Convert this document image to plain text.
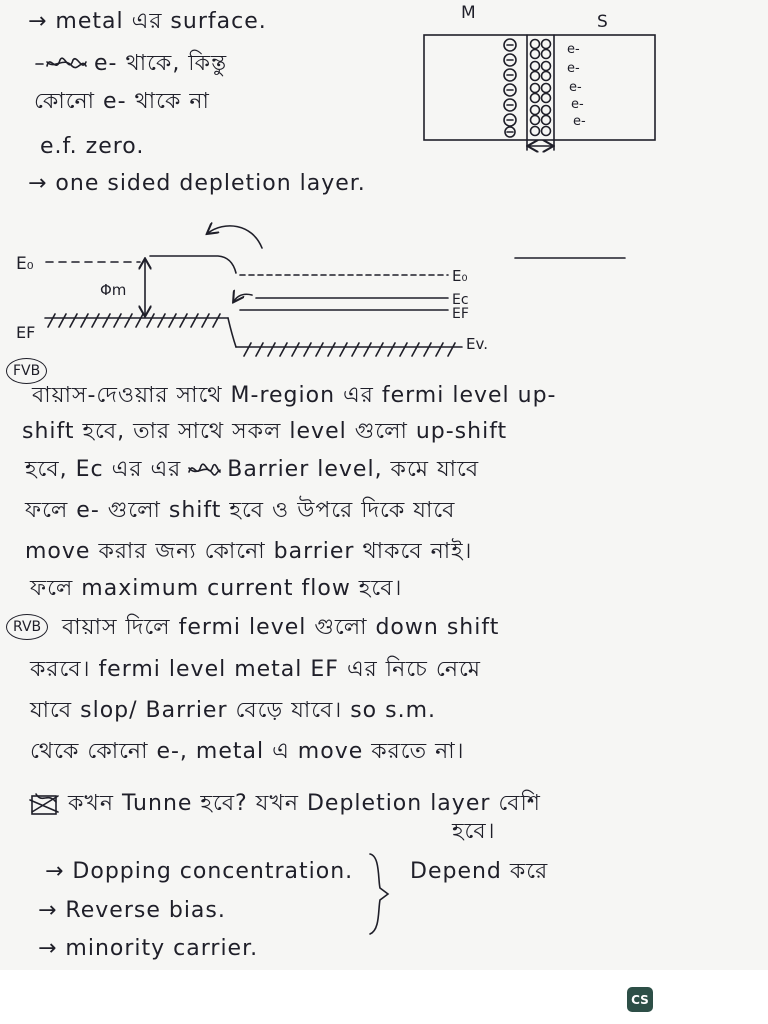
→ metal এর surface.
e- থাকে, কিন্তু
কোনো e- থাকে না
e.f. zero.
→ one sided depletion layer.
M	S
e-
e-
e-
e-
e-
E₀
Φm
E₀
Ec
EF
EF
Ev.
FVB
বায়াস-দেওয়ার সাথে M-region এর fermi level up-
shift হবে, তার সাথে সকল level গুলো up-shift
হবে, Ec এর এর Barrier level, কমে যাবে
ফলে e- গুলো shift হবে ও উপরে দিকে যাবে
move করার জন্য কোনো barrier থাকবে নাই।
ফলে maximum current flow হবে।
RVB বায়াস দিলে fermi level গুলো down shift
করবে। fermi level metal EF এর নিচে নেমে
যাবে slop/ Barrier বেড়ে যাবে। so s.m.
থেকে কোনো e-, metal এ move করতে না।
কখন Tunne হবে? যখন Depletion layer বেশি
হবে।
→ Dopping concentration.
→ Reverse bias.
→ minority carrier.
Depend করে
CS
